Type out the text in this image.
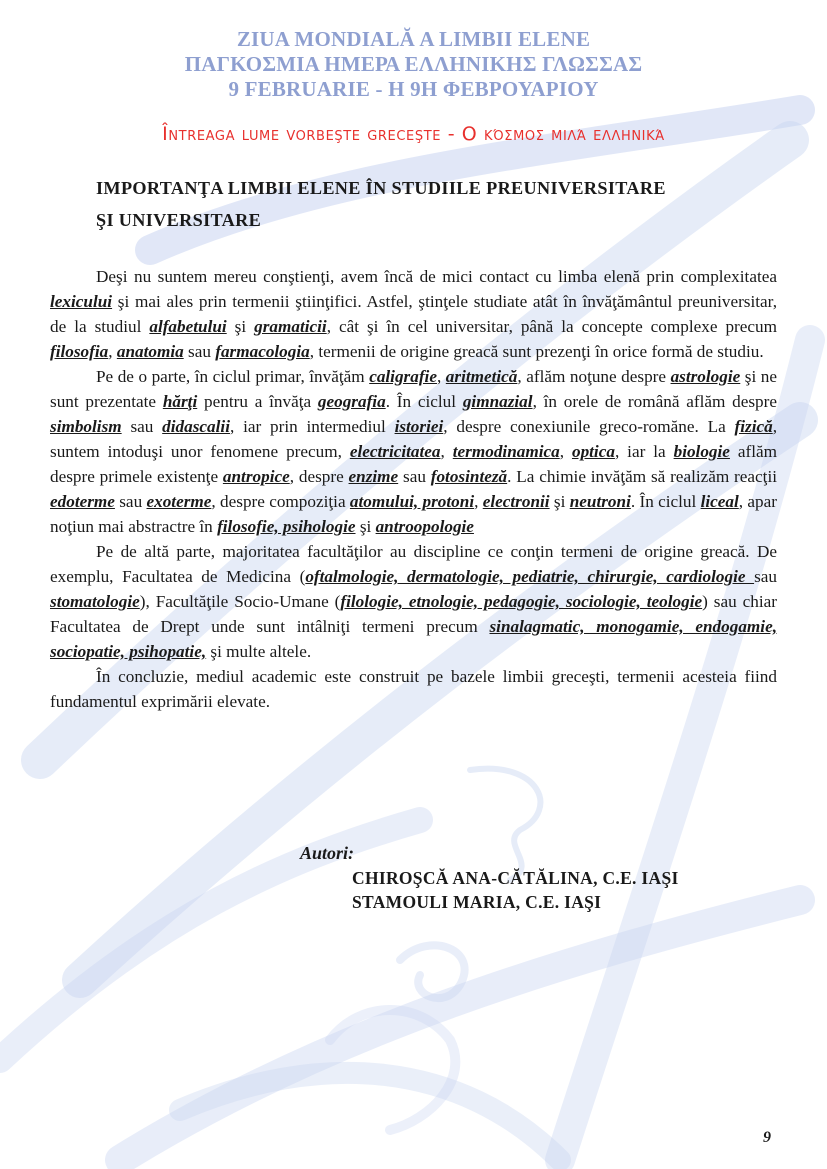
ZIUA MONDIALĂ A LIMBII ELENE

ΠΑΓΚΟΣΜΙΑ ΗΜΕΡΑ ΕΛΛΗΝΙΚΗΣ ΓΛΩΣΣΑΣ

9 FEBRUARIE - Η 9Η ΦΕΒΡΟΥΑΡΙΟΥ

Întreaga lume vorbeşte greceşte - Ο κόσμος μιλά ελληνικά

IMPORTANŢA LIMBII ELENE ÎN STUDIILE PREUNIVERSITARE
ŞI UNIVERSITARE

Deşi nu suntem mereu conştienţi, avem încă de mici contact cu limba elenă prin complexitatea lexicului şi mai ales prin termenii ştiinţifici. Astfel, ştinţele studiate atât în învăţământul preuniversitar, de la studiul alfabetului şi gramaticii, cât şi în cel universitar, până la concepte complexe precum filosofia, anatomia sau farmacologia, termenii de origine greacă sunt prezenţi în orice formă de studiu.

Pe de o parte, în ciclul primar, învăţăm caligrafie, aritmetică, aflăm noţune despre astrologie şi ne sunt prezentate hărţi pentru a învăţa geografia. În ciclul gimnazial, în orele de română aflăm despre simbolism sau didascalii, iar prin intermediul istoriei, despre conexiunile greco-romăne. La fizică, suntem intoduşi unor fenomene precum, electricitatea, termodinamica, optica, iar la biologie aflăm despre primele existenţe antropice, despre enzime sau fotosinteză. La chimie invăţăm să realizăm reacţii edoterme sau exoterme, despre compoziţia atomului, protoni, electronii şi neutroni. În ciclul liceal, apar noţiun mai abstractre în filosofie, psihologie şi antroopologie

Pe de altă parte, majoritatea facultăţilor au discipline ce conţin termeni de origine greacă. De exemplu, Facultatea de Medicina (oftalmologie, dermatologie, pediatrie, chirurgie, cardiologie sau stomatologie), Facultăţile Socio-Umane (filologie, etnologie, pedagogie, sociologie, teologie) sau chiar Facultatea de Drept unde sunt intâlniţi termeni precum sinalagmatic, monogamie, endogamie, sociopatie, psihopatie, şi multe altele.

În concluzie, mediul academic este construit pe bazele limbii greceşti, termenii acesteia fiind fundamentul exprimării elevate.

Autori:

CHIROŞCĂ ANA-CĂTĂLINA, C.E. IAŞI

STAMOULI MARIA, C.E. IAŞI

9
